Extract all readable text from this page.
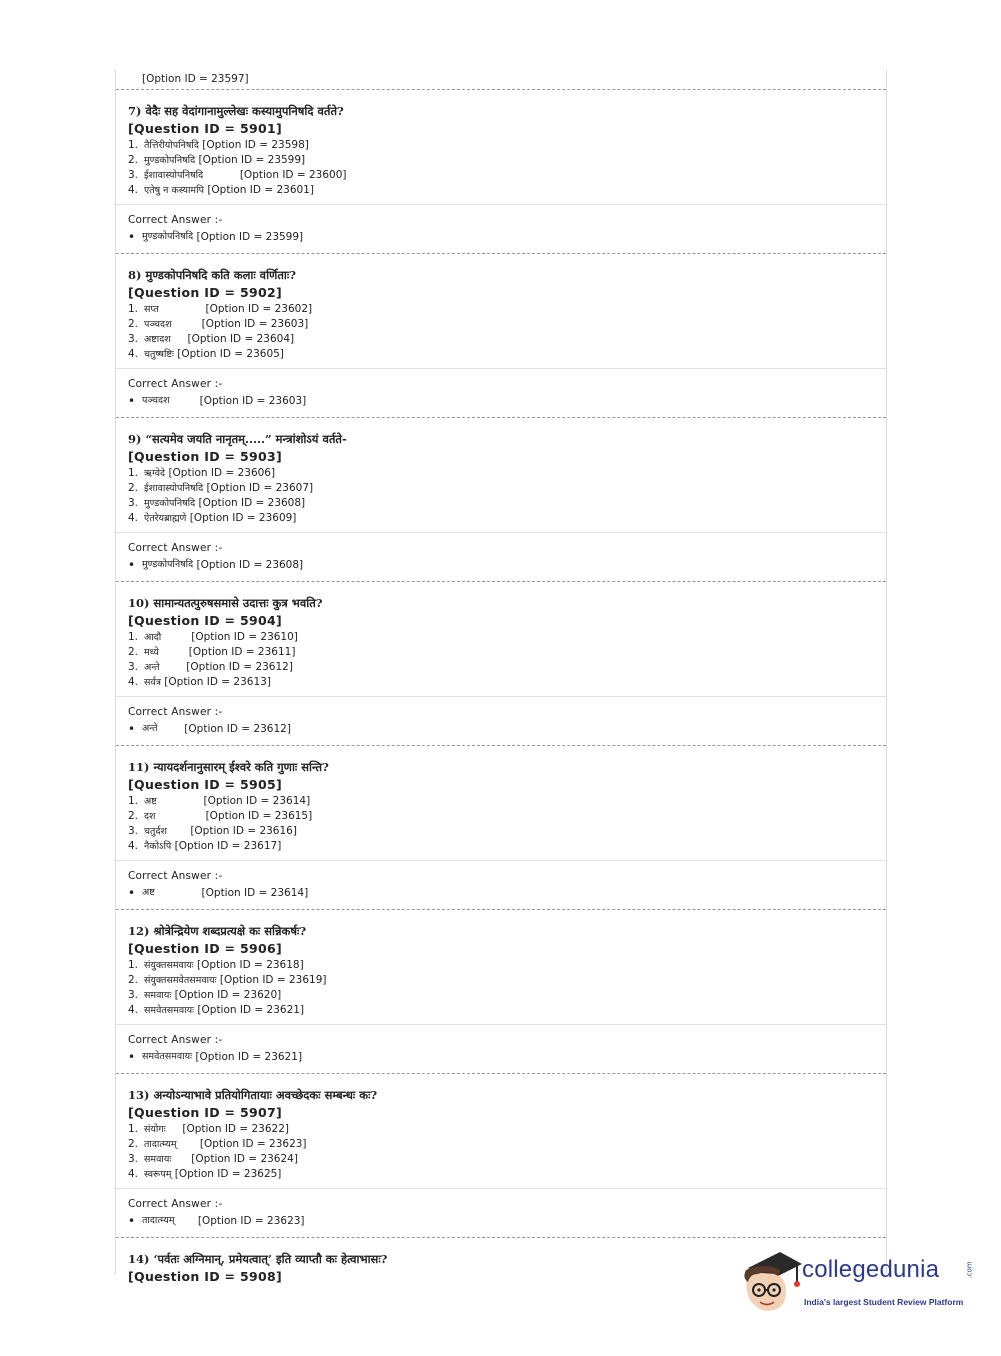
[Option ID = 23597]
7) वेदैः सह वेदांगानामुल्लेखः कस्यामुपनिषदि वर्तते?
[Question ID = 5901]
1. तैत्तिरीयोपनिषदि [Option ID = 23598]
2. मुण्डकोपनिषदि [Option ID = 23599]
3. ईशावास्योपनिषदि [Option ID = 23600]
4. एतेषु न कस्यामपि [Option ID = 23601]
Correct Answer :-
• मुण्डकोपनिषदि [Option ID = 23599]
8) मुण्डकोपनिषदि कति कलाः वर्णिताः?
[Question ID = 5902]
1. सप्त [Option ID = 23602]
2. पञ्चदश [Option ID = 23603]
3. अष्टादश [Option ID = 23604]
4. चतुष्षष्टिः [Option ID = 23605]
Correct Answer :-
• पञ्चदश [Option ID = 23603]
9) “सत्यमेव जयति नानृतम्.....” मन्त्रांशोऽयं वर्तते-
[Question ID = 5903]
1. ऋग्वेदे [Option ID = 23606]
2. ईशावास्योपनिषदि [Option ID = 23607]
3. मुण्डकोपनिषदि [Option ID = 23608]
4. ऐतरेयब्राह्मणे [Option ID = 23609]
Correct Answer :-
• मुण्डकोपनिषदि [Option ID = 23608]
10) सामान्यतत्पुरुषसमासे उदात्तः कुत्र भवति?
[Question ID = 5904]
1. आदौ [Option ID = 23610]
2. मध्ये [Option ID = 23611]
3. अन्ते [Option ID = 23612]
4. सर्वत्र [Option ID = 23613]
Correct Answer :-
• अन्ते [Option ID = 23612]
11) न्यायदर्शनानुसारम् ईश्वरे कति गुणाः सन्ति?
[Question ID = 5905]
1. अष्ट [Option ID = 23614]
2. दश [Option ID = 23615]
3. चतुर्दश [Option ID = 23616]
4. नैकोऽपि [Option ID = 23617]
Correct Answer :-
• अष्ट [Option ID = 23614]
12) श्रोत्रेन्द्रियेण शब्दप्रत्यक्षे कः सन्निकर्षः?
[Question ID = 5906]
1. संयुक्तसमवायः [Option ID = 23618]
2. संयुक्तसमवेतसमवायः [Option ID = 23619]
3. समवायः [Option ID = 23620]
4. समवेतसमवायः [Option ID = 23621]
Correct Answer :-
• समवेतसमवायः [Option ID = 23621]
13) अन्योऽन्याभावे प्रतियोगितायाः अवच्छेदकः सम्बन्धः कः?
[Question ID = 5907]
1. संयोगः [Option ID = 23622]
2. तादात्म्यम् [Option ID = 23623]
3. समवायः [Option ID = 23624]
4. स्वरूपम् [Option ID = 23625]
Correct Answer :-
• तादात्म्यम् [Option ID = 23623]
14) ‘पर्वतः अग्निमान्, प्रमेयत्वात्’ इति व्याप्तौ कः हेत्वाभासः?
[Question ID = 5908]	collegedunia	.com
India's largest Student Review Platform
